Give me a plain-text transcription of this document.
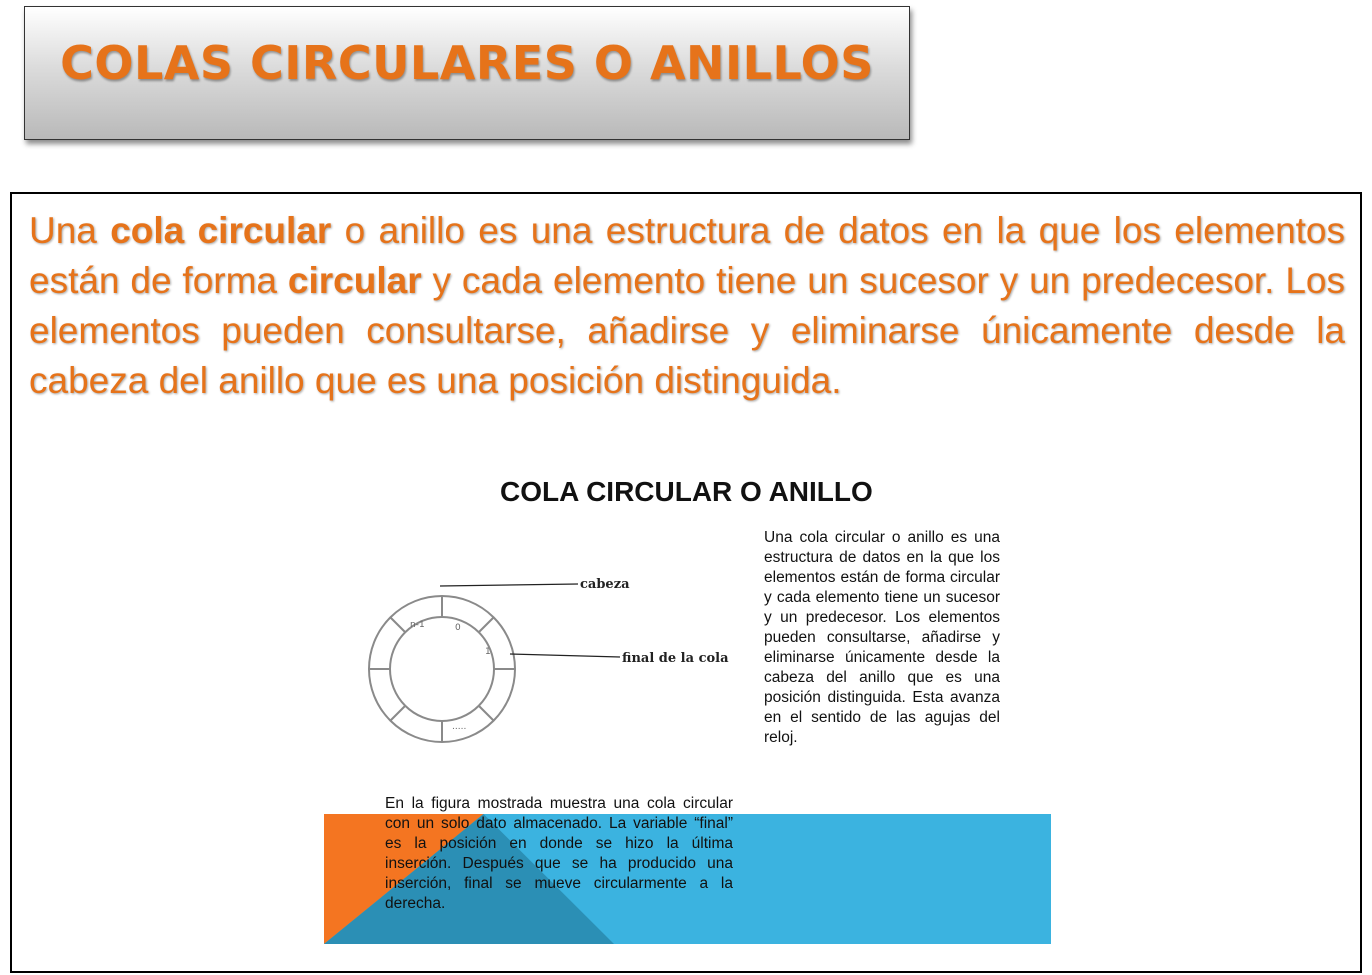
COLAS CIRCULARES O ANILLOS

Una cola circular o anillo es una estructura de datos en la que los elementos están de forma circular y cada elemento tiene un sucesor y un predecesor. Los elementos pueden consultarse, añadirse y eliminarse únicamente desde la cabeza del anillo que es una posición distinguida.

COLA CIRCULAR O ANILLO

Una cola circular o anillo es una estructura de datos en la que los elementos están de forma circular y cada elemento tiene un sucesor y un predecesor. Los elementos pueden consultarse, añadirse y eliminarse únicamente desde la cabeza del anillo que es una posición distinguida. Esta avanza en el sentido de las agujas del reloj.

En la figura mostrada muestra una cola circular con un solo dato almacenado. La variable “final” es la posición en donde se hizo la última inserción. Después que se ha producido una inserción, final se mueve circularmente a la derecha.

n-1	0
1
.....
cabeza
final de la cola
